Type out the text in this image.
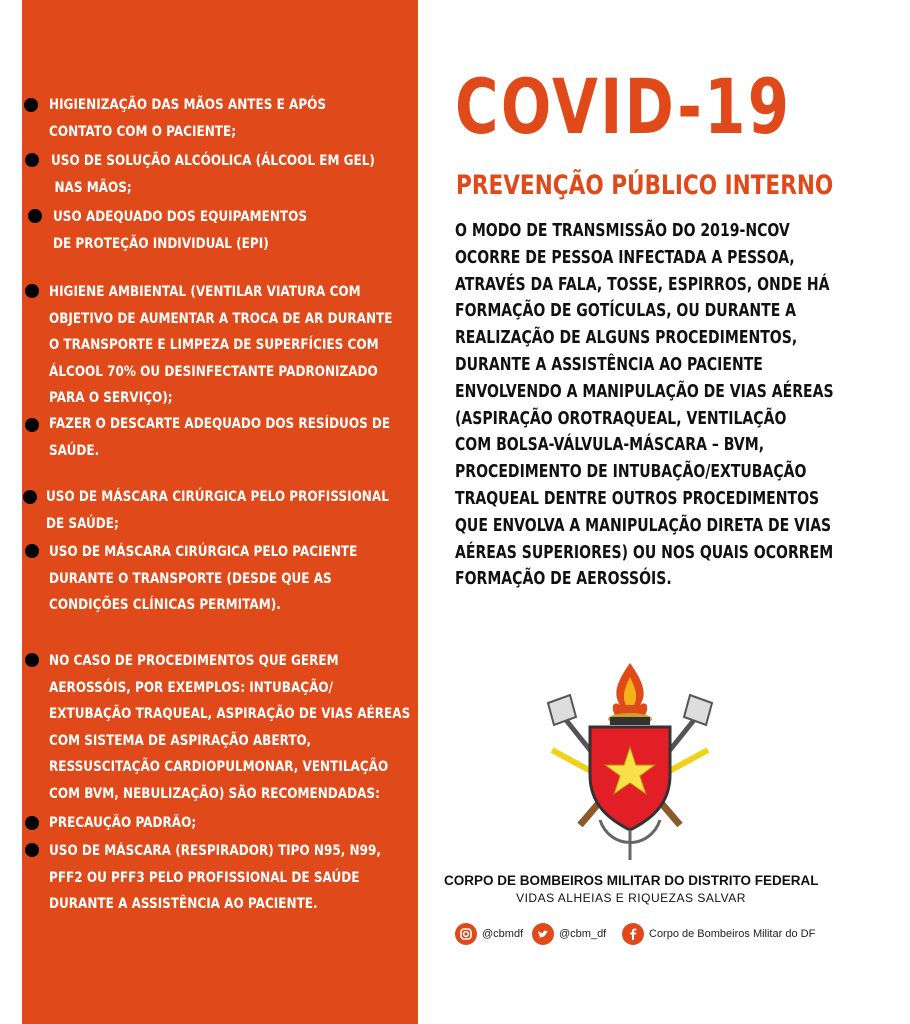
HIGIENIZAÇÃO DAS MÃOS ANTES E APÓS
CONTATO COM O PACIENTE;
USO DE SOLUÇÃO ALCÓOLICA (ÁLCOOL EM GEL)
NAS MÃOS;
USO ADEQUADO DOS EQUIPAMENTOS
DE PROTEÇÃO INDIVIDUAL (EPI)
HIGIENE AMBIENTAL (VENTILAR VIATURA COM
OBJETIVO DE AUMENTAR A TROCA DE AR DURANTE
O TRANSPORTE E LIMPEZA DE SUPERFÍCIES COM
ÁLCOOL 70% OU DESINFECTANTE PADRONIZADO
PARA O SERVIÇO);
FAZER O DESCARTE ADEQUADO DOS RESÍDUOS DE
SAÚDE.
USO DE MÁSCARA CIRÚRGICA PELO PROFISSIONAL
DE SAÚDE;
USO DE MÁSCARA CIRÚRGICA PELO PACIENTE
DURANTE O TRANSPORTE (DESDE QUE AS
CONDIÇÕES CLÍNICAS PERMITAM).
NO CASO DE PROCEDIMENTOS QUE GEREM
AEROSSÓIS, POR EXEMPLOS: INTUBAÇÃO/
EXTUBAÇÃO TRAQUEAL, ASPIRAÇÃO DE VIAS AÉREAS
COM SISTEMA DE ASPIRAÇÃO ABERTO,
RESSUSCITAÇÃO CARDIOPULMONAR, VENTILAÇÃO
COM BVM, NEBULIZAÇÃO) SÃO RECOMENDADAS:
PRECAUÇÃO PADRÃO;
USO DE MÁSCARA (RESPIRADOR) TIPO N95, N99,
PFF2 OU PFF3 PELO PROFISSIONAL DE SAÚDE
DURANTE A ASSISTÊNCIA AO PACIENTE.
COVID-19
PREVENÇÃO PÚBLICO INTERNO
O MODO DE TRANSMISSÃO DO 2019-NCOV
OCORRE DE PESSOA INFECTADA A PESSOA,
ATRAVÉS DA FALA, TOSSE, ESPIRROS, ONDE HÁ
FORMAÇÃO DE GOTÍCULAS, OU DURANTE A
REALIZAÇÃO DE ALGUNS PROCEDIMENTOS,
DURANTE A ASSISTÊNCIA AO PACIENTE
ENVOLVENDO A MANIPULAÇÃO DE VIAS AÉREAS
(ASPIRAÇÃO OROTRAQUEAL, VENTILAÇÃO
COM BOLSA-VÁLVULA-MÁSCARA – BVM,
PROCEDIMENTO DE INTUBAÇÃO/EXTUBAÇÃO
TRAQUEAL DENTRE OUTROS PROCEDIMENTOS
QUE ENVOLVA A MANIPULAÇÃO DIRETA DE VIAS
AÉREAS SUPERIORES) OU NOS QUAIS OCORREM
FORMAÇÃO DE AEROSSÓIS.
CORPO DE BOMBEIROS MILITAR DO DISTRITO FEDERAL
VIDAS ALHEIAS E RIQUEZAS SALVAR
@cbmdf	@cbm_df	Corpo de Bombeiros Militar do DF
